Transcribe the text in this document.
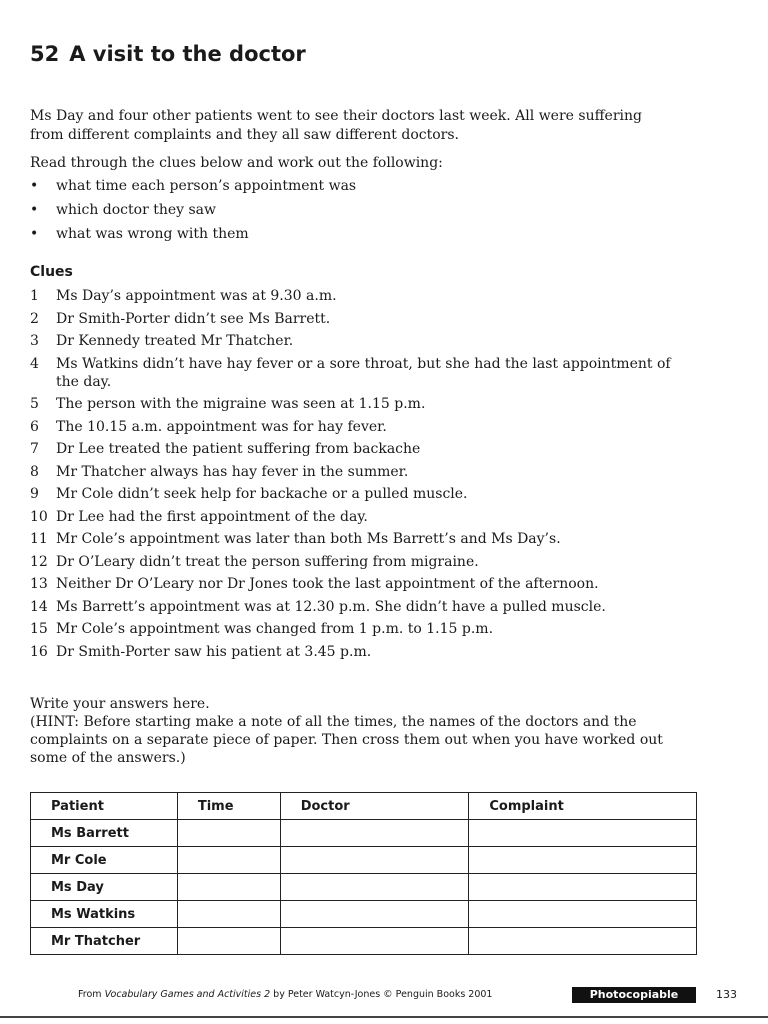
52 A visit to the doctor

Ms Day and four other patients went to see their doctors last week. All were suffering from different complaints and they all saw different doctors.

Read through the clues below and work out the following:

• what time each person’s appointment was
• which doctor they saw
• what was wrong with them
Clues
1	Ms Day’s appointment was at 9.30 a.m.
2	Dr Smith-Porter didn’t see Ms Barrett.
3	Dr Kennedy treated Mr Thatcher.
4	Ms Watkins didn’t have hay fever or a sore throat, but she had the last appointment of the day.
5	The person with the migraine was seen at 1.15 p.m.
6	The 10.15 a.m. appointment was for hay fever.
7	Dr Lee treated the patient suffering from backache
8	Mr Thatcher always has hay fever in the summer.
9	Mr Cole didn’t seek help for backache or a pulled muscle.
10 Dr Lee had the first appointment of the day.
11 Mr Cole’s appointment was later than both Ms Barrett’s and Ms Day’s.
12 Dr O’Leary didn’t treat the person suffering from migraine.
13 Neither Dr O’Leary nor Dr Jones took the last appointment of the afternoon.
14 Ms Barrett’s appointment was at 12.30 p.m. She didn’t have a pulled muscle.
15 Mr Cole’s appointment was changed from 1 p.m. to 1.15 p.m.
16 Dr Smith-Porter saw his patient at 3.45 p.m.
Write your answers here.
(HINT: Before starting make a note of all the times, the names of the doctors and the complaints on a separate piece of paper. Then cross them out when you have worked out some of the answers.)
Patient	Time	Doctor	Complaint
Ms Barrett			
Mr Cole			
Ms Day			
Ms Watkins			
Mr Thatcher			
From Vocabulary Games and Activities 2 by Peter Watcyn-Jones © Penguin Books 2001	Photocopiable	133
